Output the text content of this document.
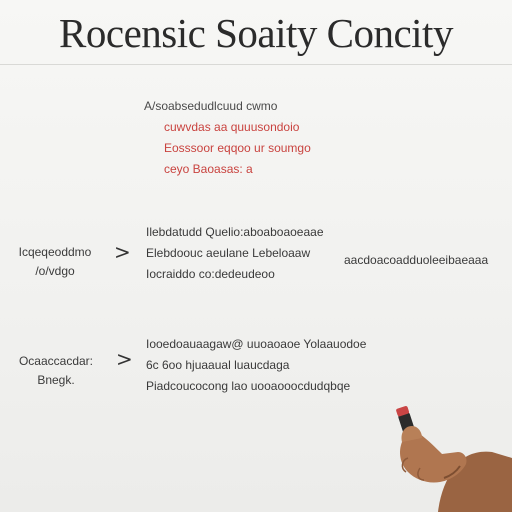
Rocensic Soaity Concity
A/soabsedudlcuud cwmo
cuwvdas aa quuusondoio
Eosssoor eqqoo ur soumgo
ceyo Baoasas: a
Icqeqeoddmo
/o/vdgo
>
Ilebdatudd Quelio:aboaboaoeaae
Elebdoouc aeulane Lebeloaaw
Iocraiddo co:dedeudeoo
aacdoacoadduoleeibaeaaa
Ocaaccacdar:
Bnegk.
>
Iooedoauaagaw@ uuoaoaoe Yolaauodoe
6c 6oo hjuaaual luaucdaga
Piadcoucocong lao uooaooocdudqbqe
